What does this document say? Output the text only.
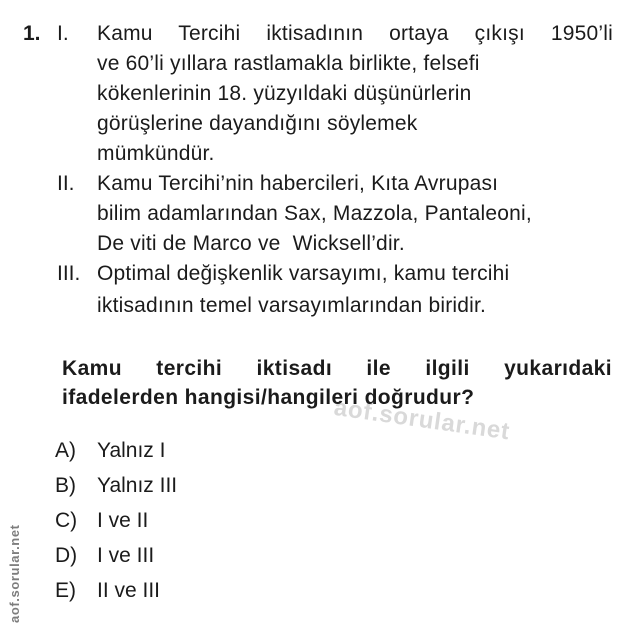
aof.sorular.net
aof.sorular.net
1. I.	Kamu Tercihi iktisadının ortaya çıkışı 1950’li
ve 60’li yıllara rastlamakla birlikte, felsefi
kökenlerinin 18. yüzyıldaki düşünürlerin
görüşlerine dayandığını söylemek
mümkündür.
II.	Kamu Tercihi’nin habercileri, Kıta Avrupası
bilim adamlarından Sax, Mazzola, Pantaleoni,
De viti de Marco ve  Wicksell’dir.
III. Optimal değişkenlik varsayımı, kamu tercihi
iktisadının temel varsayımlarından biridir.
Kamu tercihi iktisadı ile ilgili yukarıdaki
ifadelerden hangisi/hangileri doğrudur?
A)	Yalnız I
B)	Yalnız III
C) I ve II
D) I ve III
E)	II ve III
